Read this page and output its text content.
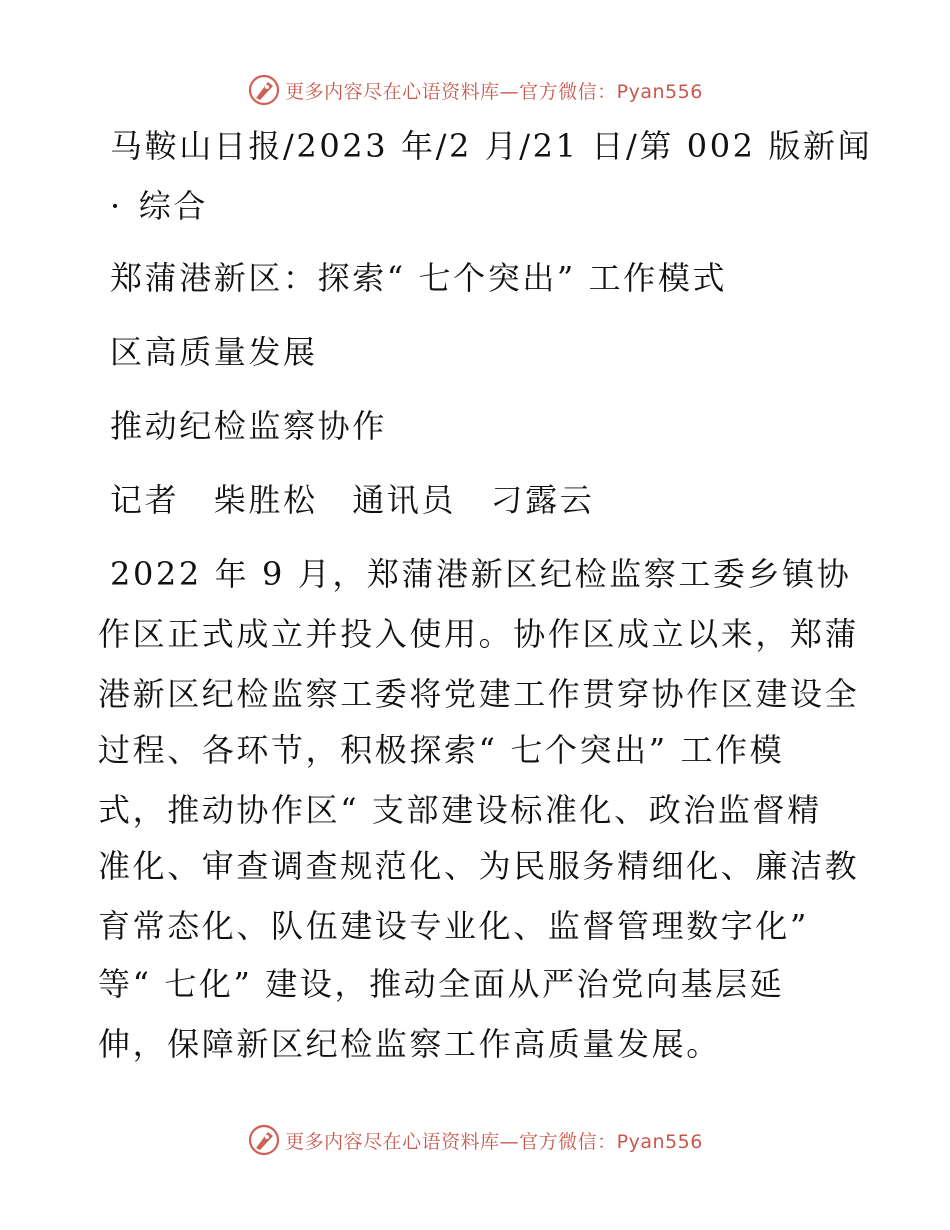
更多内容尽在心语资料库—官方微信：Pyan556
马鞍山日报/2023 年/2 月/21 日/第 002 版新闻
· 综合
郑蒲港新区：探索“ 七个突出” 工作模式
区高质量发展
推动纪检监察协作
记者　柴胜松　通讯员　刁露云
2022 年 9 月，郑蒲港新区纪检监察工委乡镇协
作区正式成立并投入使用。协作区成立以来，郑蒲
港新区纪检监察工委将党建工作贯穿协作区建设全
过程、各环节，积极探索“ 七个突出” 工作模
式，推动协作区“ 支部建设标准化、政治监督精
准化、审查调查规范化、为民服务精细化、廉洁教
育常态化、队伍建设专业化、监督管理数字化”
等“ 七化” 建设，推动全面从严治党向基层延
伸，保障新区纪检监察工作高质量发展。
更多内容尽在心语资料库—官方微信：Pyan556
